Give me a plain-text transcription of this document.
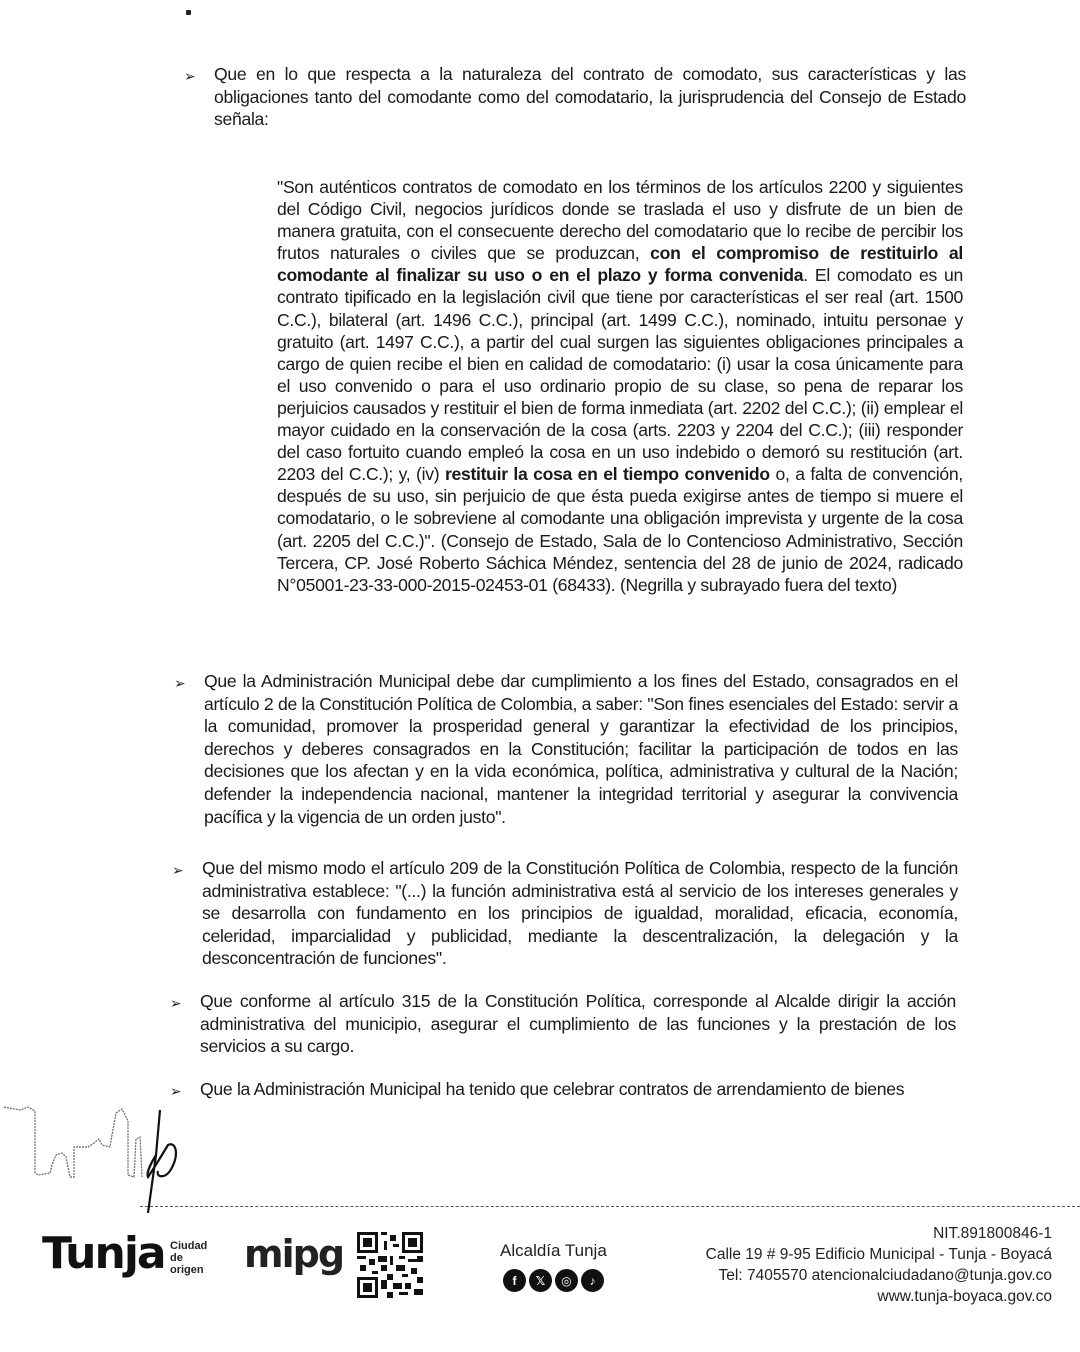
➢	Que en lo que respecta a la naturaleza del contrato de comodato, sus características y las obligaciones tanto del comodante como del comodatario, la jurisprudencia del Consejo de Estado señala:
"Son auténticos contratos de comodato en los términos de los artículos 2200 y siguientes del Código Civil, negocios jurídicos donde se traslada el uso y disfrute de un bien de manera gratuita, con el consecuente derecho del comodatario que lo recibe de percibir los frutos naturales o civiles que se produzcan, con el compromiso de restituirlo al comodante al finalizar su uso o en el plazo y forma convenida. El comodato es un contrato tipificado en la legislación civil que tiene por características el ser real (art. 1500 C.C.), bilateral (art. 1496 C.C.), principal (art. 1499 C.C.), nominado, intuitu personae y gratuito (art. 1497 C.C.), a partir del cual surgen las siguientes obligaciones principales a cargo de quien recibe el bien en calidad de comodatario: (i) usar la cosa únicamente para el uso convenido o para el uso ordinario propio de su clase, so pena de reparar los perjuicios causados y restituir el bien de forma inmediata (art. 2202 del C.C.); (ii) emplear el mayor cuidado en la conservación de la cosa (arts. 2203 y 2204 del C.C.); (iii) responder del caso fortuito cuando empleó la cosa en un uso indebido o demoró su restitución (art. 2203 del C.C.); y, (iv) restituir la cosa en el tiempo convenido o, a falta de convención, después de su uso, sin perjuicio de que ésta pueda exigirse antes de tiempo si muere el comodatario, o le sobreviene al comodante una obligación imprevista y urgente de la cosa (art. 2205 del C.C.)". (Consejo de Estado, Sala de lo Contencioso Administrativo, Sección Tercera, CP. José Roberto Sáchica Méndez, sentencia del 28 de junio de 2024, radicado N°05001-23-33-000-2015-02453-01 (68433). (Negrilla y subrayado fuera del texto)
➢	Que la Administración Municipal debe dar cumplimiento a los fines del Estado, consagrados en el artículo 2 de la Constitución Política de Colombia, a saber: "Son fines esenciales del Estado: servir a la comunidad, promover la prosperidad general y garantizar la efectividad de los principios, derechos y deberes consagrados en la Constitución; facilitar la participación de todos en las decisiones que los afectan y en la vida económica, política, administrativa y cultural de la Nación; defender la independencia nacional, mantener la integridad territorial y asegurar la convivencia pacífica y la vigencia de un orden justo".
➢	Que del mismo modo el artículo 209 de la Constitución Política de Colombia, respecto de la función administrativa establece: "(...) la función administrativa está al servicio de los intereses generales y se desarrolla con fundamento en los principios de igualdad, moralidad, eficacia, economía, celeridad, imparcialidad y publicidad, mediante la descentralización, la delegación y la desconcentración de funciones".
➢	Que conforme al artículo 315 de la Constitución Política, corresponde al Alcalde dirigir la acción administrativa del municipio, asegurar el cumplimiento de las funciones y la prestación de los servicios a su cargo.
➢	Que la Administración Municipal ha tenido que celebrar contratos de arrendamiento de bienes
Tunja Ciudad
de origen mipg	Alcaldía Tunja
f	𝕏	◎	♪
NIT.891800846-1
Calle 19 # 9-95 Edificio Municipal - Tunja - Boyacá
Tel: 7405570 atencionalciudadano@tunja.gov.co
www.tunja-boyaca.gov.co
